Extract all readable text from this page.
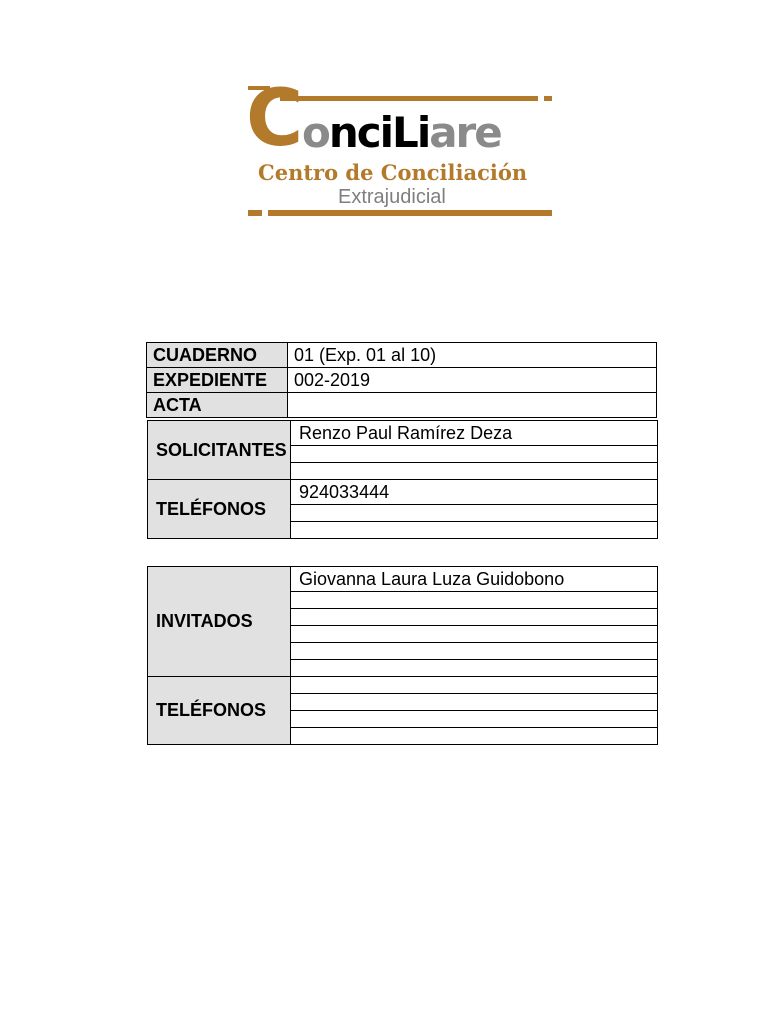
C
onciLiare
Centro de Conciliación
Extrajudicial
CUADERNO	01 (Exp. 01 al 10)
EXPEDIENTE	002-2019
ACTA	
SOLICITANTES	Renzo Paul Ramírez Deza

TELÉFONOS	924033444

INVITADOS	Giovanna Laura Luza Guidobono

TELÉFONOS	
